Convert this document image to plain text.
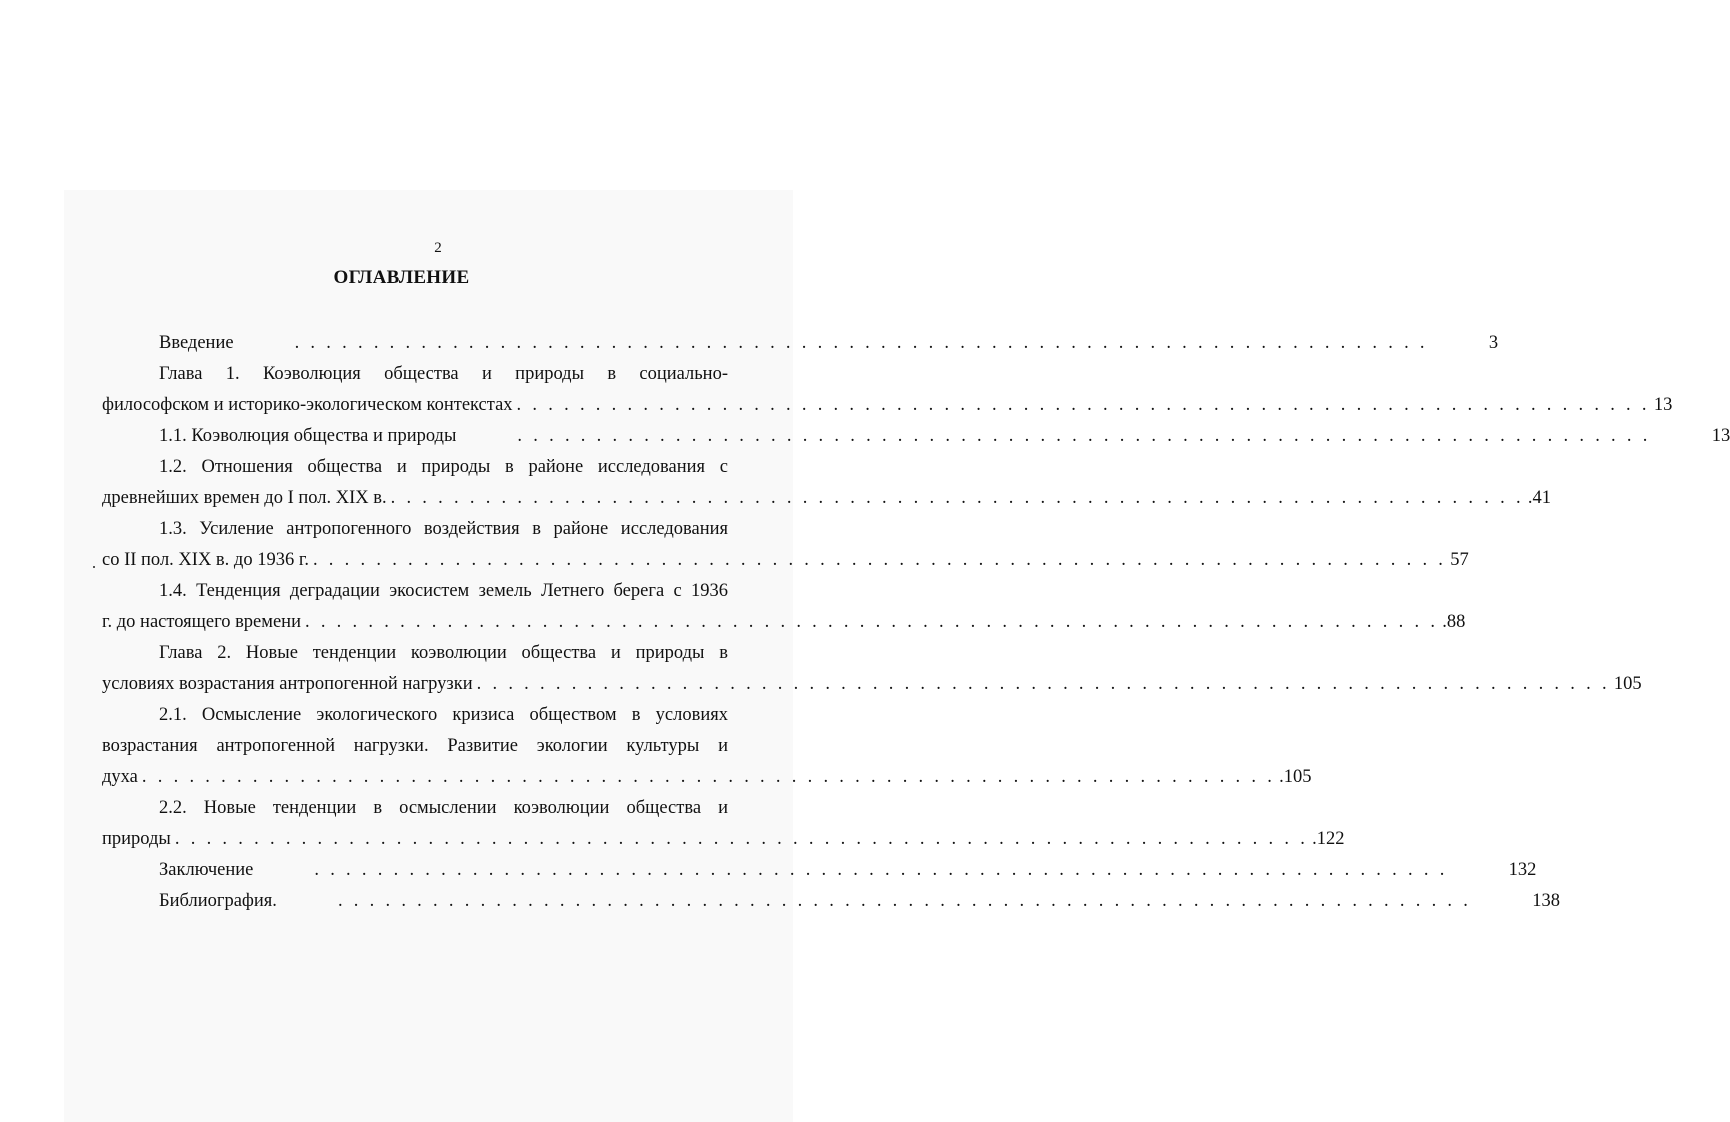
2
ОГЛАВЛЕНИЕ
Введение	. . . . . . . . . . . . . . . . . . . . . . . . . . . . . . . . . . . . . . . . . . . . . . . . . . . . . . . . . . . . . . . . . . . . . . . .	3
Глава 1. Коэволюция общества и природы в социально-
философском и историко-экологическом контекстах . . . . . . . . . . . . . . . . . . . . . . . . . . . . . . . . . . . . . . . . . . . . . . . . . . . . . . . . . . . . . . . . . . . . . . . . 13
1.1. Коэволюция общества и природы	. . . . . . . . . . . . . . . . . . . . . . . . . . . . . . . . . . . . . . . . . . . . . . . . . . . . . . . . . . . . . . . . . . . . . . . .	13
1.2. Отношения общества и природы в районе исследования с
древнейших времен до I пол. XIX в. . . . . . . . . . . . . . . . . . . . . . . . . . . . . . . . . . . . . . . . . . . . . . . . . . . . . . . . . . . . . . . . . . . . . . . . . .41
1.3. Усиление антропогенного воздействия в районе исследования
со II пол. XIX в. до 1936 г. . . . . . . . . . . . . . . . . . . . . . . . . . . . . . . . . . . . . . . . . . . . . . . . . . . . . . . . . . . . . . . . . . . . . . . . . 57
1.4. Тенденция деградации экосистем земель Летнего берега с 1936
г. до настоящего времени . . . . . . . . . . . . . . . . . . . . . . . . . . . . . . . . . . . . . . . . . . . . . . . . . . . . . . . . . . . . . . . . . . . . . . . . .88
Глава 2. Новые тенденции коэволюции общества и природы в
условиях возрастания антропогенной нагрузки . . . . . . . . . . . . . . . . . . . . . . . . . . . . . . . . . . . . . . . . . . . . . . . . . . . . . . . . . . . . . . . . . . . . . . . . 105
2.1. Осмысление экологического кризиса обществом в условиях
возрастания антропогенной нагрузки. Развитие экологии культуры и
духа . . . . . . . . . . . . . . . . . . . . . . . . . . . . . . . . . . . . . . . . . . . . . . . . . . . . . . . . . . . . . . . . . . . . . . . . .105
2.2. Новые тенденции в осмыслении коэволюции общества и
природы . . . . . . . . . . . . . . . . . . . . . . . . . . . . . . . . . . . . . . . . . . . . . . . . . . . . . . . . . . . . . . . . . . . . . . . . .122
Заключение	. . . . . . . . . . . . . . . . . . . . . . . . . . . . . . . . . . . . . . . . . . . . . . . . . . . . . . . . . . . . . . . . . . . . . . . .	132
Библиография.	. . . . . . . . . . . . . . . . . . . . . . . . . . . . . . . . . . . . . . . . . . . . . . . . . . . . . . . . . . . . . . . . . . . . . . . .	138
